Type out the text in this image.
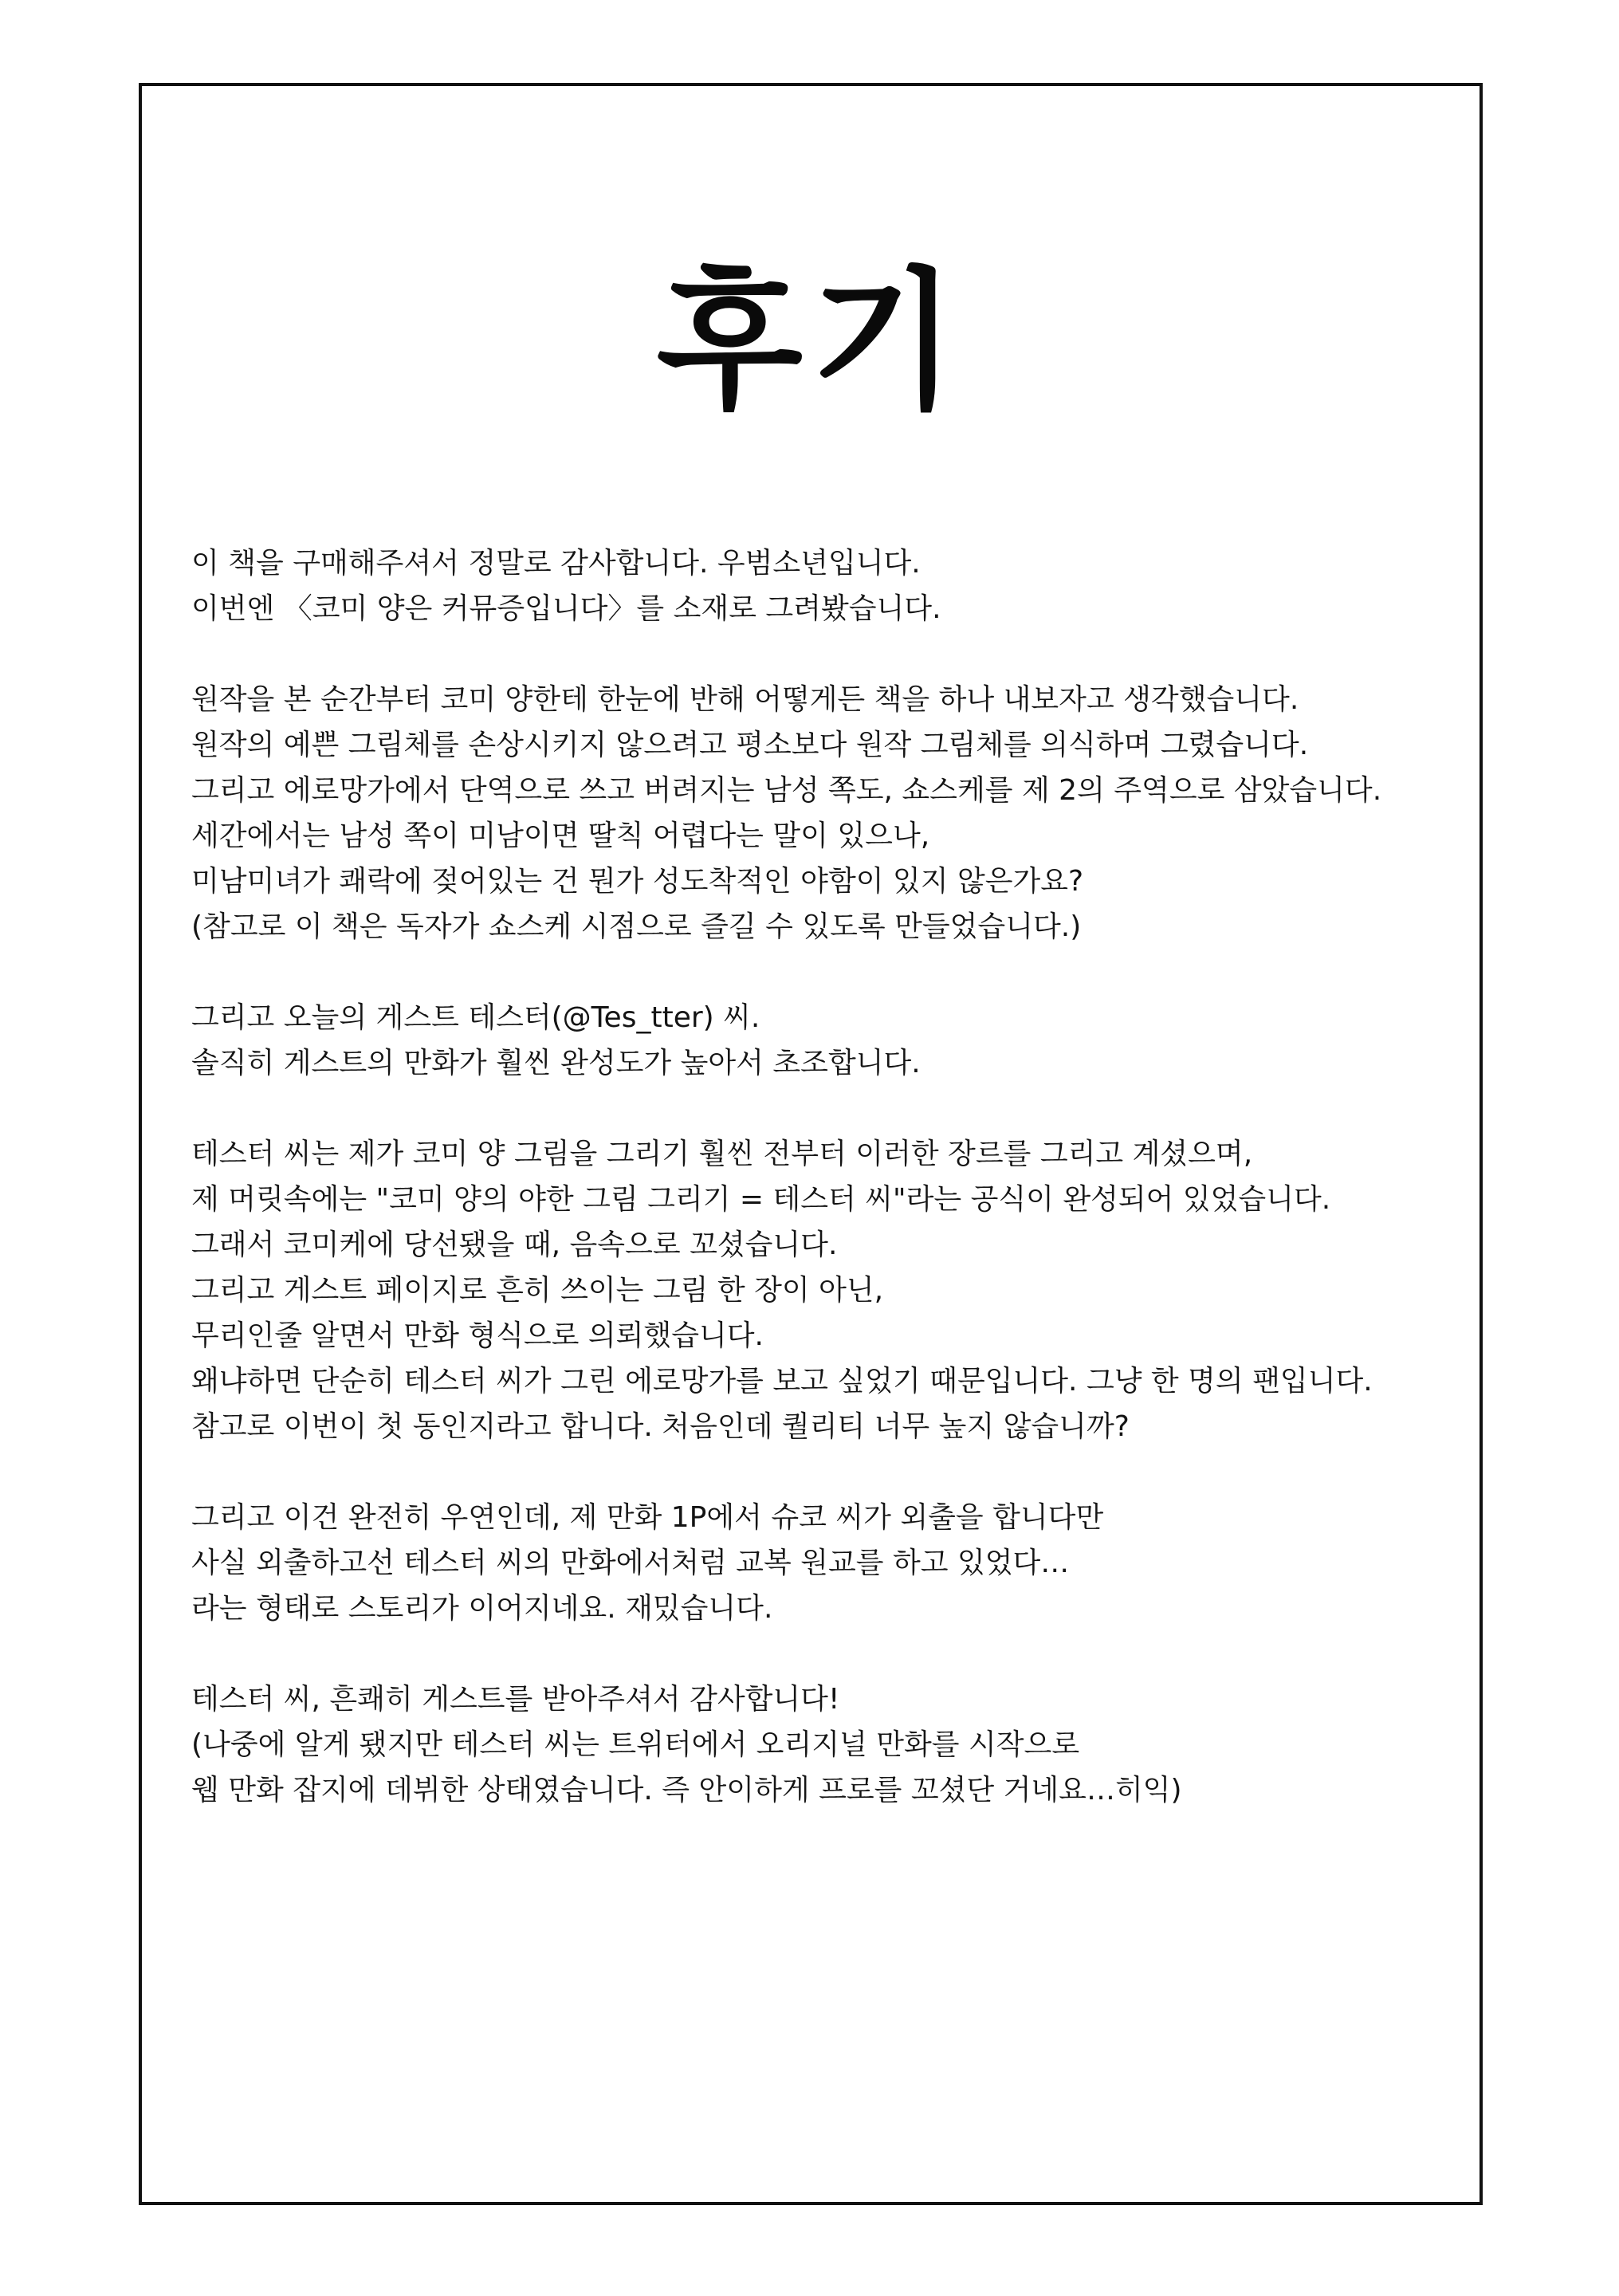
후기
이 책을 구매해주셔서 정말로 감사합니다. 우범소년입니다.
이번엔 〈코미 양은 커뮤증입니다〉를 소재로 그려봤습니다.
원작을 본 순간부터 코미 양한테 한눈에 반해 어떻게든 책을 하나 내보자고 생각했습니다.
원작의 예쁜 그림체를 손상시키지 않으려고 평소보다 원작 그림체를 의식하며 그렸습니다.
그리고 에로망가에서 단역으로 쓰고 버려지는 남성 쪽도, 쇼스케를 제 2의 주역으로 삼았습니다.
세간에서는 남성 쪽이 미남이면 딸칙 어렵다는 말이 있으나,
미남미녀가 쾌락에 젖어있는 건 뭔가 성도착적인 야함이 있지 않은가요?
(참고로 이 책은 독자가 쇼스케 시점으로 즐길 수 있도록 만들었습니다.)
그리고 오늘의 게스트 테스터(@Tes_tter) 씨.
솔직히 게스트의 만화가 훨씬 완성도가 높아서 초조합니다.
테스터 씨는 제가 코미 양 그림을 그리기 훨씬 전부터 이러한 장르를 그리고 계셨으며,
제 머릿속에는 "코미 양의 야한 그림 그리기 = 테스터 씨"라는 공식이 완성되어 있었습니다.
그래서 코미케에 당선됐을 때, 음속으로 꼬셨습니다.
그리고 게스트 페이지로 흔히 쓰이는 그림 한 장이 아닌,
무리인줄 알면서 만화 형식으로 의뢰했습니다.
왜냐하면 단순히 테스터 씨가 그린 에로망가를 보고 싶었기 때문입니다. 그냥 한 명의 팬입니다.
참고로 이번이 첫 동인지라고 합니다. 처음인데 퀄리티 너무 높지 않습니까?
그리고 이건 완전히 우연인데, 제 만화 1P에서 슈코 씨가 외출을 합니다만
사실 외출하고선 테스터 씨의 만화에서처럼 교복 원교를 하고 있었다…
라는 형태로 스토리가 이어지네요. 재밌습니다.
테스터 씨, 흔쾌히 게스트를 받아주셔서 감사합니다!
(나중에 알게 됐지만 테스터 씨는 트위터에서 오리지널 만화를 시작으로
웹 만화 잡지에 데뷔한 상태였습니다. 즉 안이하게 프로를 꼬셨단 거네요…히익)
